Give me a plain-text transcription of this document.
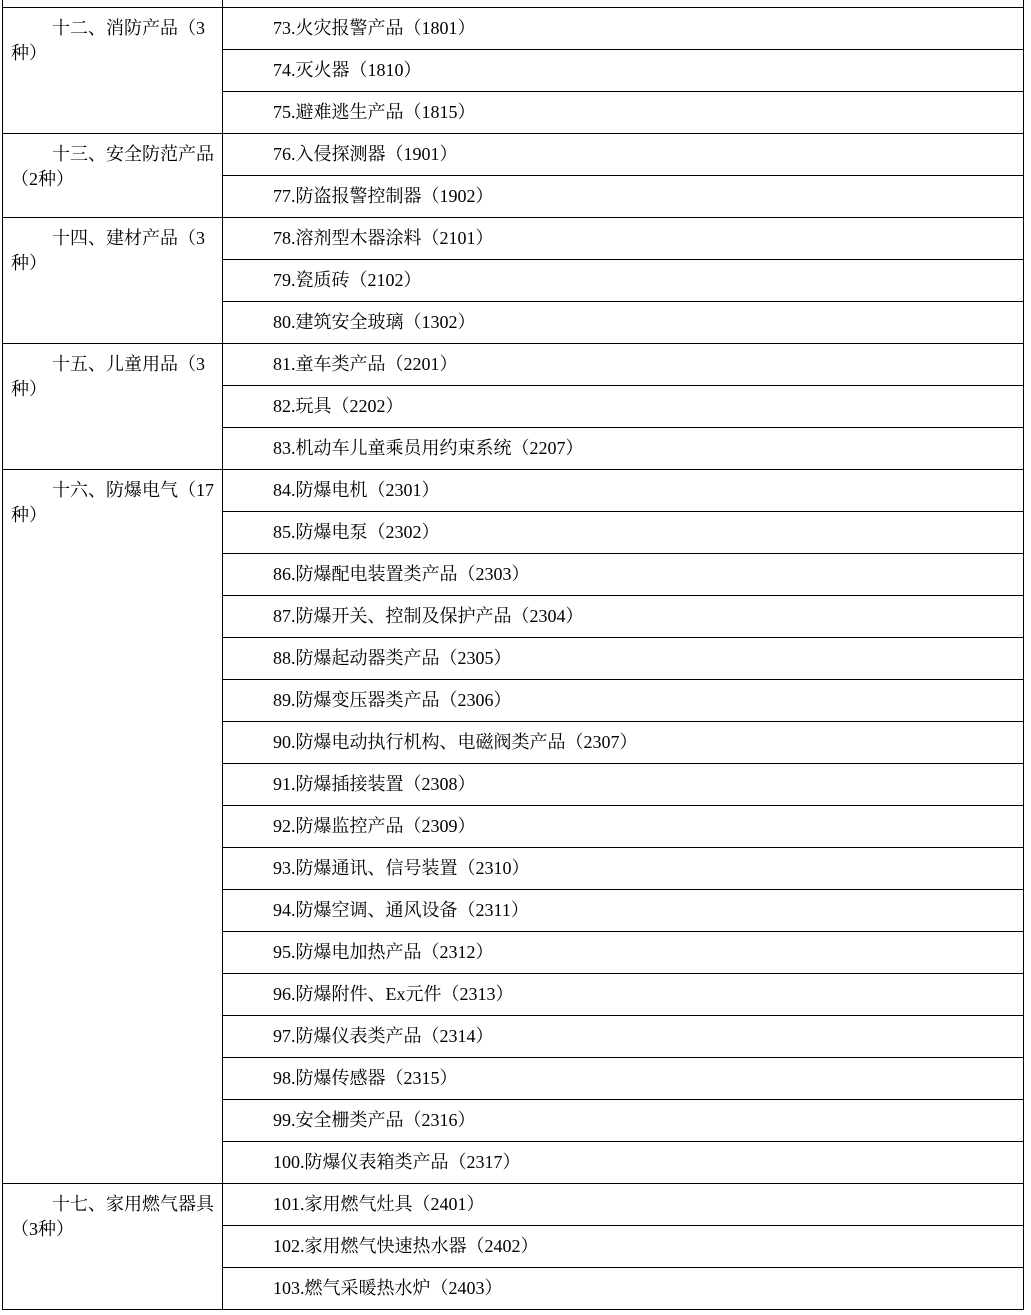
十二、消防产品（3种）	73.火灾报警产品（1801）

	74.灭火器（1810）

	75.避难逃生产品（1815）

十三、安全防范产品（2种）	76.入侵探测器（1901）

	77.防盗报警控制器（1902）

十四、建材产品（3种）	78.溶剂型木器涂料（2101）

	79.瓷质砖（2102）

	80.建筑安全玻璃（1302）

十五、儿童用品（3种）	81.童车类产品（2201）

	82.玩具（2202）

	83.机动车儿童乘员用约束系统（2207）

十六、防爆电气（17种）	84.防爆电机（2301）

	85.防爆电泵（2302）

	86.防爆配电装置类产品（2303）

	87.防爆开关、控制及保护产品（2304）

	88.防爆起动器类产品（2305）

	89.防爆变压器类产品（2306）

	90.防爆电动执行机构、电磁阀类产品（2307）

	91.防爆插接装置（2308）

	92.防爆监控产品（2309）

	93.防爆通讯、信号装置（2310）

	94.防爆空调、通风设备（2311）

	95.防爆电加热产品（2312）

	96.防爆附件、Ex元件（2313）

	97.防爆仪表类产品（2314）

	98.防爆传感器（2315）

	99.安全栅类产品（2316）

	100.防爆仪表箱类产品（2317）

十七、家用燃气器具（3种）	101.家用燃气灶具（2401）

	102.家用燃气快速热水器（2402）

	103.燃气采暖热水炉（2403）
